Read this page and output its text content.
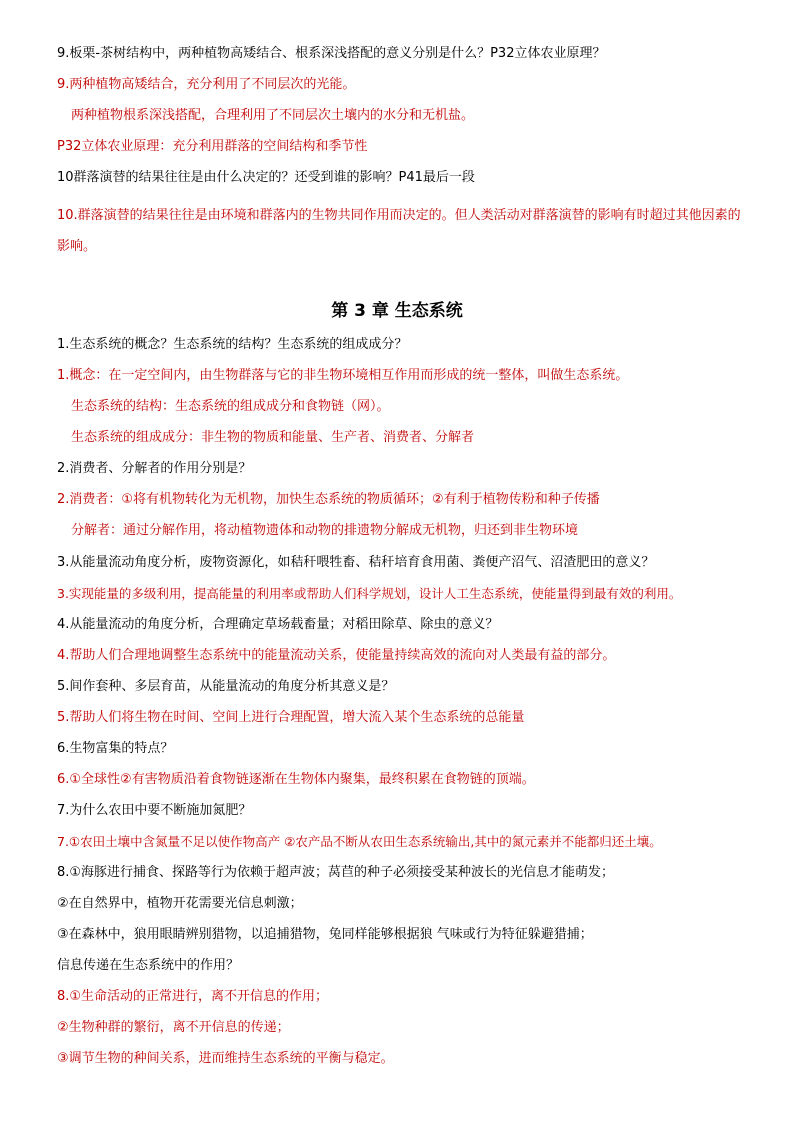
9.板栗-茶树结构中，两种植物高矮结合、根系深浅搭配的意义分别是什么？P32立体农业原理？
9.两种植物高矮结合，充分利用了不同层次的光能。
两种植物根系深浅搭配，合理利用了不同层次土壤内的水分和无机盐。
P32立体农业原理：充分利用群落的空间结构和季节性
10群落演替的结果往往是由什么决定的？还受到谁的影响？P41最后一段
10.群落演替的结果往往是由环境和群落内的生物共同作用而决定的。但人类活动对群落演替的影响有时超过其他因素的影响。
第 3 章 生态系统
1.生态系统的概念？生态系统的结构？生态系统的组成成分？
1.概念：在一定空间内，由生物群落与它的非生物环境相互作用而形成的统一整体，叫做生态系统。
生态系统的结构：生态系统的组成成分和食物链（网）。
生态系统的组成成分：非生物的物质和能量、生产者、消费者、分解者
2.消费者、分解者的作用分别是？
2.消费者：①将有机物转化为无机物，加快生态系统的物质循环；②有利于植物传粉和种子传播
分解者：通过分解作用，将动植物遗体和动物的排遗物分解成无机物，归还到非生物环境
3.从能量流动角度分析，废物资源化，如秸秆喂牲畜、秸秆培育食用菌、粪便产沼气、沼渣肥田的意义？
3.实现能量的多级利用，提高能量的利用率或帮助人们科学规划，设计人工生态系统，使能量得到最有效的利用。
4.从能量流动的角度分析，合理确定草场载畜量；对稻田除草、除虫的意义？
4.帮助人们合理地调整生态系统中的能量流动关系，使能量持续高效的流向对人类最有益的部分。
5.间作套种、多层育苗，从能量流动的角度分析其意义是？
5.帮助人们将生物在时间、空间上进行合理配置，增大流入某个生态系统的总能量
6.生物富集的特点？
6.①全球性②有害物质沿着食物链逐渐在生物体内聚集，最终积累在食物链的顶端。
7.为什么农田中要不断施加氮肥？
7.①农田土壤中含氮量不足以使作物高产 ②农产品不断从农田生态系统输出,其中的氮元素并不能都归还土壤。
8.①海豚进行捕食、探路等行为依赖于超声波；莴苣的种子必须接受某种波长的光信息才能萌发；
②在自然界中，植物开花需要光信息刺激；
③在森林中，狼用眼睛辨别猎物，以追捕猎物，兔同样能够根据狼 气味或行为特征躲避猎捕；
信息传递在生态系统中的作用？
8.①生命活动的正常进行，离不开信息的作用；
②生物种群的繁衍，离不开信息的传递；
③调节生物的种间关系，进而维持生态系统的平衡与稳定。
